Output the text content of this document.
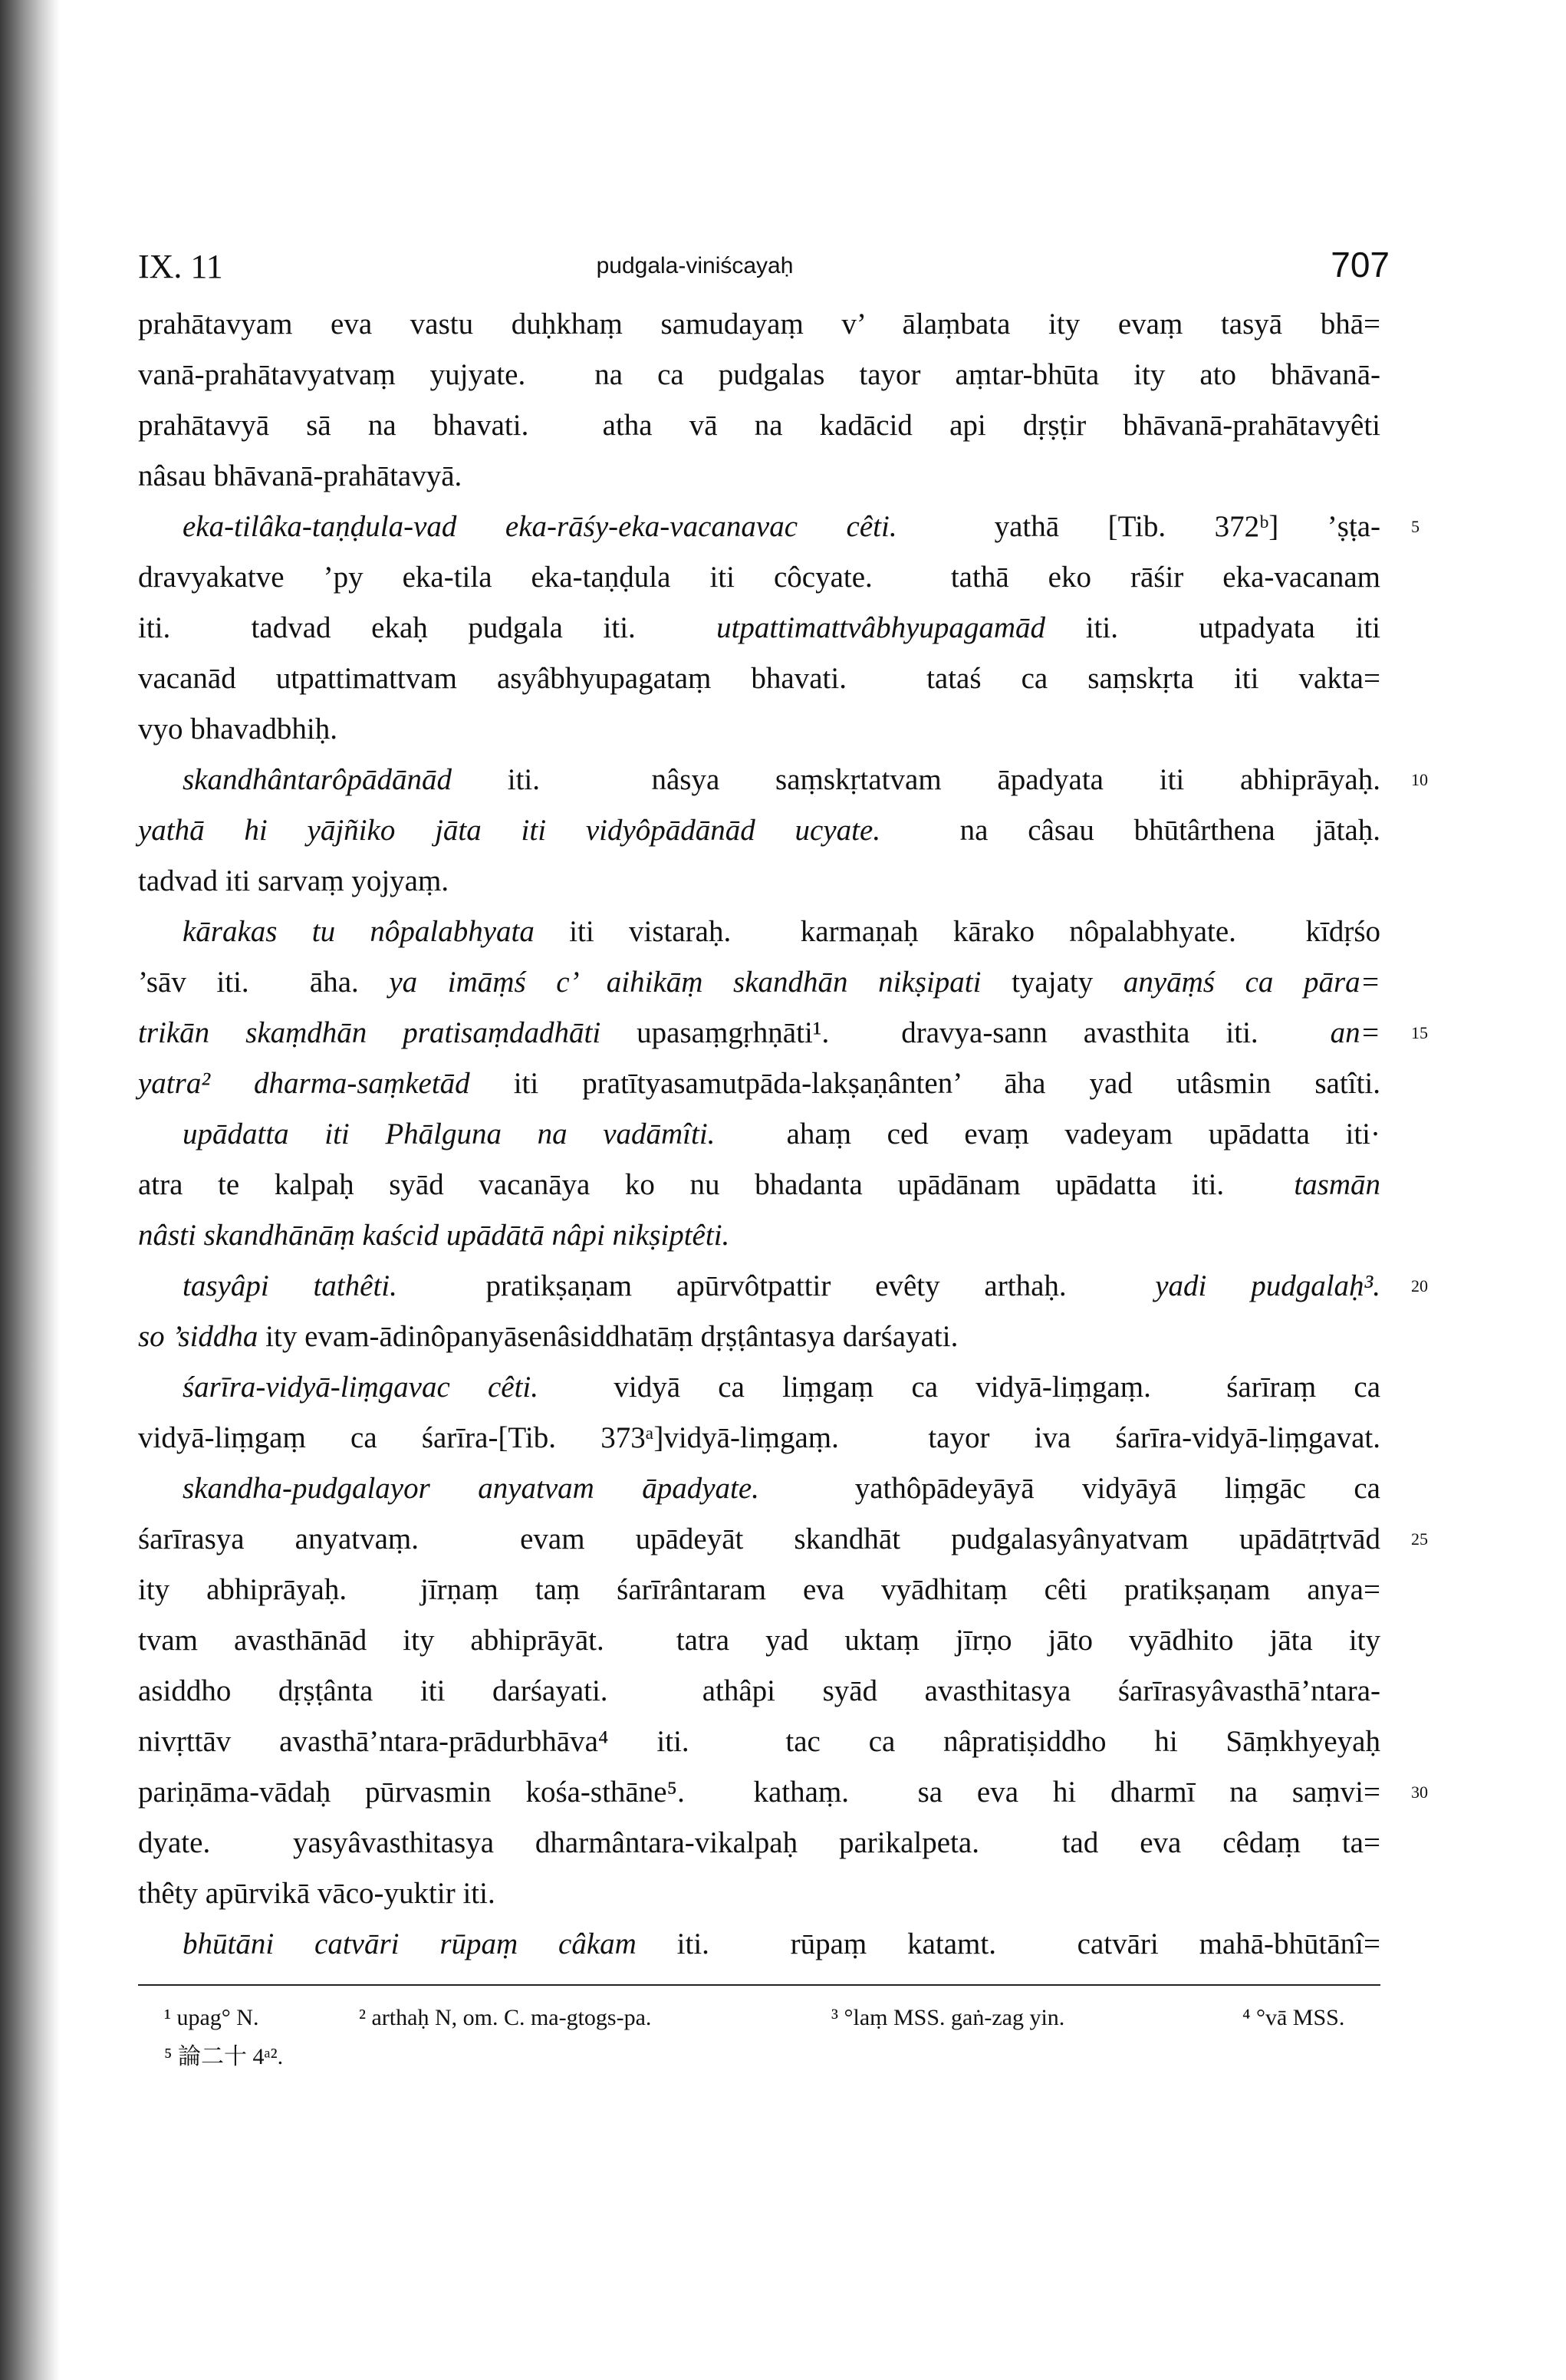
IX. 11	pudgala-viniścayaḥ	707
prahātavyam eva vastu duḥkhaṃ samudayaṃ v’ ālaṃbata ity evaṃ tasyā bhā=
vanā-prahātavyatvaṃ yujyate.  na ca pudgalas tayor aṃtar-bhūta ity ato bhāvanā-
prahātavyā sā na bhavati.  atha vā na kadācid api dṛṣṭir bhāvanā-prahātavyêti
nâsau bhāvanā-prahātavyā.
eka-tilâka-taṇḍula-vad eka-rāśy-eka-vacanavac cêti.  yathā [Tib. 372ᵇ] ’ṣṭa- 5
dravyakatve ’py eka-tila eka-taṇḍula iti côcyate.  tathā eko rāśir eka-vacanam
iti.  tadvad ekaḥ pudgala iti.  utpattimattvâbhyupagamād iti.  utpadyata iti
vacanād utpattimattvam asyâbhyupagataṃ bhavati.  tataś ca saṃskṛta iti vakta=
vyo bhavadbhiḥ.
skandhântarôpādānād iti.  nâsya saṃskṛtatvam āpadyata iti abhiprāyaḥ. 10
yathā hi yājñiko jāta iti vidyôpādānād ucyate.  na câsau bhūtârthena jātaḥ.
tadvad iti sarvaṃ yojyaṃ.
kārakas tu nôpalabhyata iti vistaraḥ.  karmaṇaḥ kārako nôpalabhyate.  kīdṛśo
’sāv iti.  āha. ya imāṃś c’ aihikāṃ skandhān nikṣipati tyajaty anyāṃś ca pāra=
trikān skaṃdhān pratisaṃdadhāti upasaṃgṛhṇāti¹.  dravya-sann avasthita iti.  an= 15
yatra² dharma-saṃketād iti pratītyasamutpāda-lakṣaṇânten’ āha yad utâsmin satîti.
upādatta iti Phālguna na vadāmîti.  ahaṃ ced evaṃ vadeyam upādatta iti·
atra te kalpaḥ syād vacanāya ko nu bhadanta upādānam upādatta iti.  tasmān
nâsti skandhānāṃ kaścid upādātā nâpi nikṣiptêti.
tasyâpi tathêti.  pratikṣaṇam apūrvôtpattir evêty arthaḥ.  yadi pudgalaḥ³. 20
so ’siddha ity evam-ādinôpanyāsenâsiddhatāṃ dṛṣṭântasya darśayati.
śarīra-vidyā-liṃgavac cêti.  vidyā ca liṃgaṃ ca vidyā-liṃgaṃ.  śarīraṃ ca
vidyā-liṃgaṃ ca śarīra-[Tib. 373ᵃ]vidyā-liṃgaṃ.  tayor iva śarīra-vidyā-liṃgavat.
skandha-pudgalayor anyatvam āpadyate.  yathôpādeyāyā vidyāyā liṃgāc ca
śarīrasya anyatvaṃ.  evam upādeyāt skandhāt pudgalasyânyatvam upādātṛtvād 25
ity abhiprāyaḥ.  jīrṇaṃ taṃ śarīrântaram eva vyādhitaṃ cêti pratikṣaṇam anya=
tvam avasthānād ity abhiprāyāt.  tatra yad uktaṃ jīrṇo jāto vyādhito jāta ity
asiddho dṛṣṭânta iti darśayati.  athâpi syād avasthitasya śarīrasyâvasthā’ntara-
nivṛttāv avasthā’ntara-prādurbhāva⁴ iti.  tac ca nâpratiṣiddho hi Sāṃkhyeyaḥ
pariṇāma-vādaḥ pūrvasmin kośa-sthāne⁵.  kathaṃ.  sa eva hi dharmī na saṃvi= 30
dyate.  yasyâvasthitasya dharmântara-vikalpaḥ parikalpeta.  tad eva cêdaṃ ta=
thêty apūrvikā vāco-yuktir iti.
bhūtāni catvāri rūpaṃ câkam iti.  rūpaṃ katamt.  catvāri mahā-bhūtānî=
¹ upag° N.	² arthaḥ N, om. C. ma-gtogs-pa.	³ °laṃ MSS. gaṅ-zag yin.	⁴ °vā MSS.
⁵ 論二十 4ᵃ².
